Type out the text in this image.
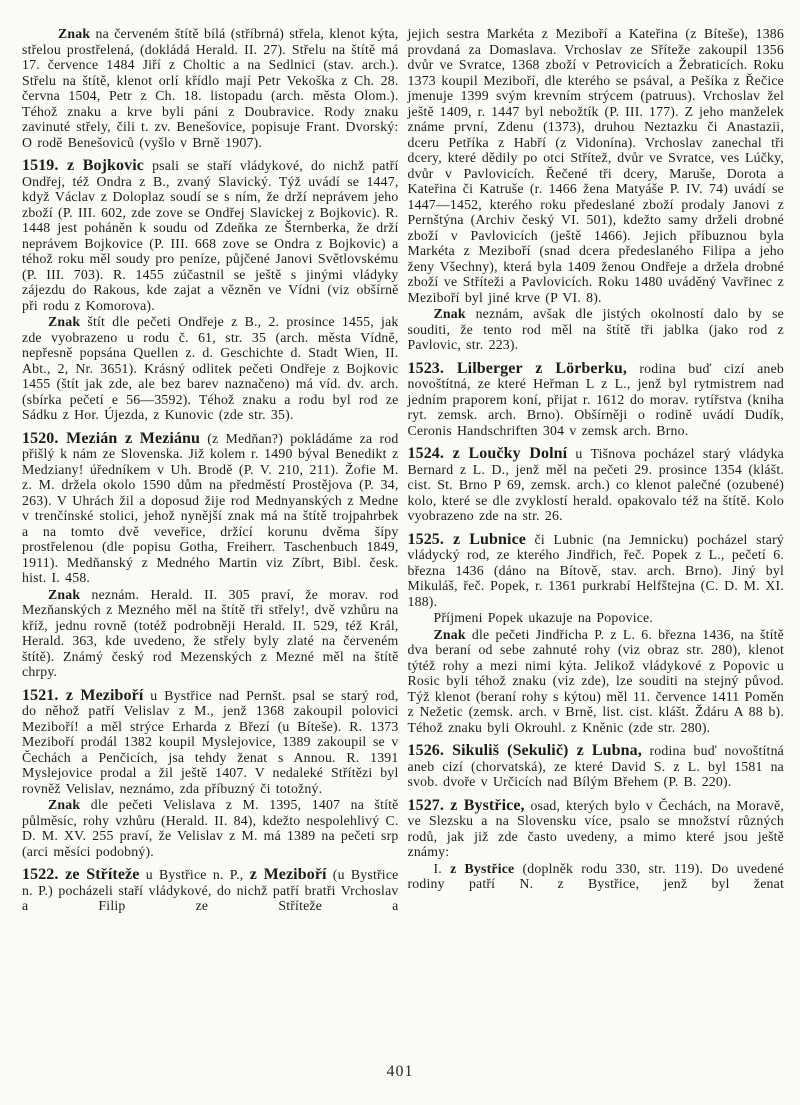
Znak na červeném štítě bílá (stříbrná) střela, klenot kýta, střelou prostřelená, (dokládá Herald. II. 27). Střelu na štítě má 17. července 1484 Jiří z Choltic a na Sedlnici (stav. arch.). Střelu na štítě, klenot orlí křídlo mají Petr Vekoška z Ch. 28. června 1504, Petr z Ch. 18. listopadu (arch. města Olom.). Téhož znaku a krve byli páni z Doubravice. Rody znaku zavinuté střely, čili t. zv. Benešovice, popisuje Frant. Dvorský: O rodě Benešoviců (vyšlo v Brně 1907).

1519. z Bojkovic psali se staří vládykové, do nichž patří Ondřej, též Ondra z B., zvaný Slavický. Týž uvádí se 1447, když Václav z Doloplaz soudí se s ním, že drží neprávem jeho zboží (P. III. 602, zde zove se Ondřej Slavickej z Bojkovic). R. 1448 jest poháněn k soudu od Zdeňka ze Šternberka, že drží neprávem Bojkovice (P. III. 668 zove se Ondra z Bojkovic) a téhož roku měl soudy pro peníze, půjčené Janovi Světlovskému (P. III. 703). R. 1455 zúčastnil se ještě s jinými vládyky zájezdu do Rakous, kde zajat a vězněn ve Vídni (viz obšírně při rodu z Komorova).

Znak štít dle pečeti Ondřeje z B., 2. prosince 1455, jak zde vyobrazeno u rodu č. 61, str. 35 (arch. města Vídně, nepřesně popsána Quellen z. d. Geschichte d. Stadt Wien, II. Abt., 2, Nr. 3651). Krásný odlitek pečeti Ondřeje z Bojkovic 1455 (štít jak zde, ale bez barev naznačeno) má víd. dv. arch. (sbírka pečetí e 56—3592). Téhož znaku a rodu byl rod ze Sádku z Hor. Újezda, z Kunovic (zde str. 35).

1520. Mezián z Meziánu (z Medňan?) pokládáme za rod přišlý k nám ze Slovenska. Již kolem r. 1490 býval Benedikt z Medziany! úředníkem v Uh. Brodě (P. V. 210, 211). Žofie M. z. M. držela okolo 1590 dům na předměstí Prostějova (P. 34, 263). V Uhrách žil a doposud žije rod Mednyanských z Medne v trenčínské stolici, jehož nynější znak má na štítě trojpahrbek a na tomto dvě veveřice, držící korunu dvěma šípy prostřelenou (dle popisu Gotha, Freiherr. Taschenbuch 1849, 1911). Medňanský z Medného Martin viz Zíbrt, Bibl. česk. hist. I. 458.

Znak neznám. Herald. II. 305 praví, že morav. rod Mezňanských z Mezného měl na štítě tři střely!, dvě vzhůru na kříž, jednu rovně (totéž podrobněji Herald. II. 529, též Král, Herald. 363, kde uvedeno, že střely byly zlaté na červeném štítě). Známý český rod Mezenských z Mezné měl na štítě chrpy.

1521. z Meziboří u Bystřice nad Pernšt. psal se starý rod, do něhož patří Velislav z M., jenž 1368 zakoupil polovici Meziboří! a měl strýce Erharda z Březí (u Bíteše). R. 1373 Meziboří prodál 1382 koupil Myslejovice, 1389 zakoupil se v Čechách a Penčicích, jsa tehdy ženat s Annou. R. 1391 Myslejovice prodal a žil ještě 1407. V nedaleké Střítězi byl rovněž Velislav, neznámo, zda příbuzný či totožný.

Znak dle pečeti Velislava z M. 1395, 1407 na štítě půlměsíc, rohy vzhůru (Herald. II. 84), kdežto nespolehlivý C. D. M. XV. 255 praví, že Velislav z M. má 1389 na pečeti srp (arci měsíci podobný).

1522. ze Stříteže u Bystřice n. P., z Meziboří (u Bystřice n. P.) pocházeli staří vládykové, do nichž patří bratři Vrchoslav a Filip ze Stříteže a

jejich sestra Markéta z Meziboří a Kateřina (z Bíteše), 1386 provdaná za Domaslava. Vrchoslav ze Sříteže zakoupil 1356 dvůr ve Svratce, 1368 zboží v Petrovicích a Žebraticích. Roku 1373 koupil Meziboří, dle kterého se psával, a Pešíka z Řečice jmenuje 1399 svým krevním strýcem (patruus). Vrchoslav žel ještě 1409, r. 1447 byl nebožtík (P. III. 177). Z jeho manželek známe první, Zdenu (1373), druhou Neztazku či Anastazii, dceru Petříka z Habří (z Vidonína). Vrchoslav zanechal tři dcery, které dědily po otci Střítež, dvůr ve Svratce, ves Lúčky, dvůr v Pavlovicích. Řečené tři dcery, Maruše, Dorota a Kateřina či Katruše (r. 1466 žena Matyáše P. IV. 74) uvádí se 1447—1452, kterého roku předeslané zboží prodaly Janovi z Pernštýna (Archiv český VI. 501), kdežto samy drželi drobné zboží v Pavlovicích (ještě 1466). Jejich příbuznou byla Markéta z Meziboří (snad dcera předeslaného Filipa a jeho ženy Všechny), která byla 1409 ženou Ondřeje a držela drobné zboží ve Stříteži a Pavlovicích. Roku 1480 uváděný Vavřinec z Meziboří byl jiné krve (P VI. 8).

Znak neznám, avšak dle jistých okolností dalo by se souditi, že tento rod měl na štítě tři jablka (jako rod z Pavlovic, str. 223).

1523. Lilberger z Lörberku, rodina buď cizí aneb novoštítná, ze které Heřman L z L., jenž byl rytmistrem nad jedním praporem koní, přijat r. 1612 do morav. rytířstva (kniha ryt. zemsk. arch. Brno). Obšírněji o rodině uvádí Dudík, Ceronis Handschriften 304 v zemsk arch. Brno.

1524. z Loučky Dolní u Tišnova pocházel starý vládyka Bernard z L. D., jenž měl na pečeti 29. prosince 1354 (klášt. cist. St. Brno P 69, zemsk. arch.) co klenot palečné (ozubené) kolo, které se dle zvyklostí herald. opakovalo též na štítě. Kolo vyobrazeno zde na str. 26.

1525. z Lubnice či Lubnic (na Jemnicku) pocházel starý vládycký rod, ze kterého Jindřich, řeč. Popek z L., pečetí 6. března 1436 (dáno na Bítově, stav. arch. Brno). Jiný byl Mikuláš, řeč. Popek, r. 1361 purkrabí Helfštejna (C. D. M. XI. 188).

Příjmeni Popek ukazuje na Popovice.

Znak dle pečeti Jindřicha P. z L. 6. března 1436, na štítě dva beraní od sebe zahnuté rohy (viz obraz str. 280), klenot týtéž rohy a mezi nimi kýta. Jelikož vládykové z Popovic u Rosic byli téhož znaku (viz zde), lze souditi na stejný původ. Týž klenot (beraní rohy s kýtou) měl 11. července 1411 Poměn z Nežetic (zemsk. arch. v Brně, list. cist. klášt. Ždáru A 88 b). Téhož znaku byli Okrouhl. z Kněnic (zde str. 280).

1526. Sikuliš (Sekulič) z Lubna, rodina buď novoštítná aneb cizí (chorvatská), ze které David S. z L. byl 1581 na svob. dvoře v Určicích nad Bílým Břehem (P. B. 220).

1527. z Bystřice, osad, kterých bylo v Čechách, na Moravě, ve Slezsku a na Slovensku více, psalo se množství různých rodů, jak již zde často uvedeny, a mimo které jsou ještě známy:

I. z Bystřice (doplněk rodu 330, str. 119). Do uvedené rodiny patří N. z Bystřice, jenž byl ženat

401
